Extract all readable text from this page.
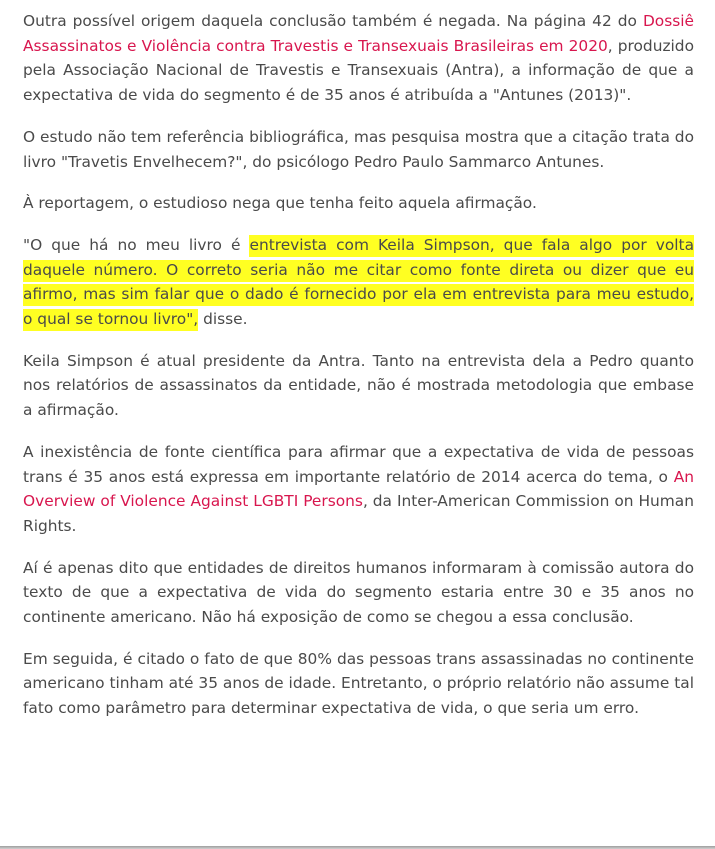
Outra possível origem daquela conclusão também é negada. Na página 42 do Dossiê Assassinatos e Violência contra Travestis e Transexuais Brasileiras em 2020, produzido pela Associação Nacional de Travestis e Transexuais (Antra), a informação de que a expectativa de vida do segmento é de 35 anos é atribuída a "Antunes (2013)".

O estudo não tem referência bibliográfica, mas pesquisa mostra que a citação trata do livro "Travetis Envelhecem?", do psicólogo Pedro Paulo Sammarco Antunes.

À reportagem, o estudioso nega que tenha feito aquela afirmação.

"O que há no meu livro é entrevista com Keila Simpson, que fala algo por volta daquele número. O correto seria não me citar como fonte direta ou dizer que eu afirmo, mas sim falar que o dado é fornecido por ela em entrevista para meu estudo, o qual se tornou livro", disse.

Keila Simpson é atual presidente da Antra. Tanto na entrevista dela a Pedro quanto nos relatórios de assassinatos da entidade, não é mostrada metodologia que embase a afirmação.

A inexistência de fonte científica para afirmar que a expectativa de vida de pessoas trans é 35 anos está expressa em importante relatório de 2014 acerca do tema, o An Overview of Violence Against LGBTI Persons, da Inter-American Commission on Human Rights.

Aí é apenas dito que entidades de direitos humanos informaram à comissão autora do texto de que a expectativa de vida do segmento estaria entre 30 e 35 anos no continente americano. Não há exposição de como se chegou a essa conclusão.

Em seguida, é citado o fato de que 80% das pessoas trans assassinadas no continente americano tinham até 35 anos de idade. Entretanto, o próprio relatório não assume tal fato como parâmetro para determinar expectativa de vida, o que seria um erro.
